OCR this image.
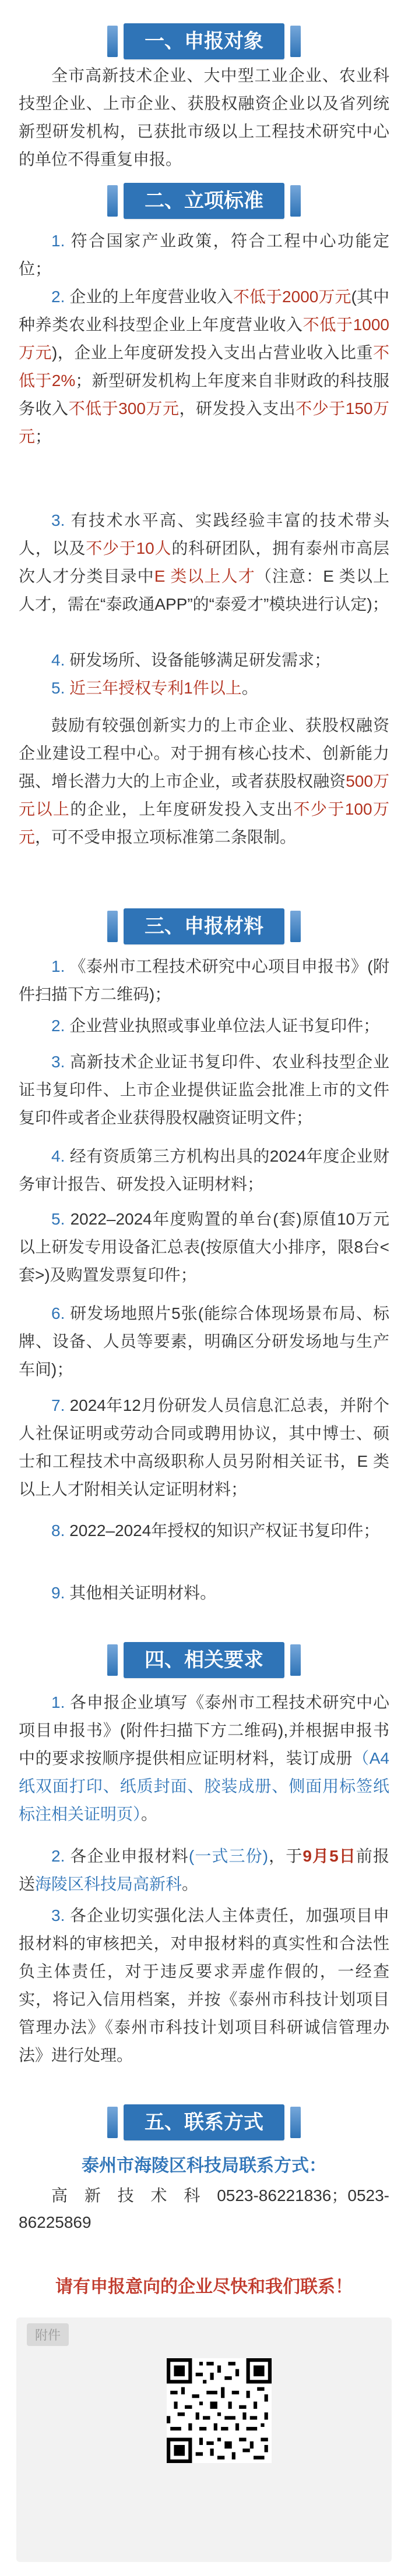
一、申报对象

全市高新技术企业、大中型工业企业、农业科技型企业、上市企业、获股权融资企业以及省列统新型研发机构，已获批市级以上工程技术研究中心的单位不得重复申报。

二、立项标准

1. 符合国家产业政策，符合工程中心功能定位；

2. 企业的上年度营业收入不低于2000万元(其中种养类农业科技型企业上年度营业收入不低于1000万元)，企业上年度研发投入支出占营业收入比重不低于2%；新型研发机构上年度来自非财政的科技服务收入不低于300万元，研发投入支出不少于150万元；

3. 有技术水平高、实践经验丰富的技术带头人，以及不少于10人的科研团队，拥有泰州市高层次人才分类目录中E 类以上人才（注意：E 类以上人才，需在“泰政通APP”的“泰爱才”模块进行认定)；

4. 研发场所、设备能够满足研发需求；

5. 近三年授权专利1件以上。

鼓励有较强创新实力的上市企业、获股权融资企业建设工程中心。对于拥有核心技术、创新能力强、增长潜力大的上市企业，或者获股权融资500万元以上的企业，上年度研发投入支出不少于100万元，可不受申报立项标准第二条限制。

三、申报材料

1. 《泰州市工程技术研究中心项目申报书》(附件扫描下方二维码)；

2. 企业营业执照或事业单位法人证书复印件；

3. 高新技术企业证书复印件、农业科技型企业证书复印件、上市企业提供证监会批准上市的文件复印件或者企业获得股权融资证明文件；

4. 经有资质第三方机构出具的2024年度企业财务审计报告、研发投入证明材料；

5. 2022–2024年度购置的单台(套)原值10万元以上研发专用设备汇总表(按原值大小排序，限8台<套>)及购置发票复印件；

6. 研发场地照片5张(能综合体现场景布局、标牌、设备、人员等要素，明确区分研发场地与生产车间)；

7. 2024年12月份研发人员信息汇总表，并附个人社保证明或劳动合同或聘用协议，其中博士、硕士和工程技术中高级职称人员另附相关证书，E 类以上人才附相关认定证明材料；

8. 2022–2024年授权的知识产权证书复印件；

9. 其他相关证明材料。

四、相关要求

1. 各申报企业填写《泰州市工程技术研究中心项目申报书》(附件扫描下方二维码),并根据申报书中的要求按顺序提供相应证明材料，装订成册（A4纸双面打印、纸质封面、胶装成册、侧面用标签纸标注相关证明页）。

2. 各企业申报材料(一式三份)，于9月5日前报送海陵区科技局高新科。

3. 各企业切实强化法人主体责任，加强项目申报材料的审核把关，对申报材料的真实性和合法性负主体责任，对于违反要求弄虚作假的，一经查实，将记入信用档案，并按《泰州市科技计划项目管理办法》《泰州市科技计划项目科研诚信管理办法》进行处理。

五、联系方式
泰州市海陵区科技局联系方式：

高　新　技　术　科　0523-86221836；0523-86225869

请有申报意向的企业尽快和我们联系！
附件
